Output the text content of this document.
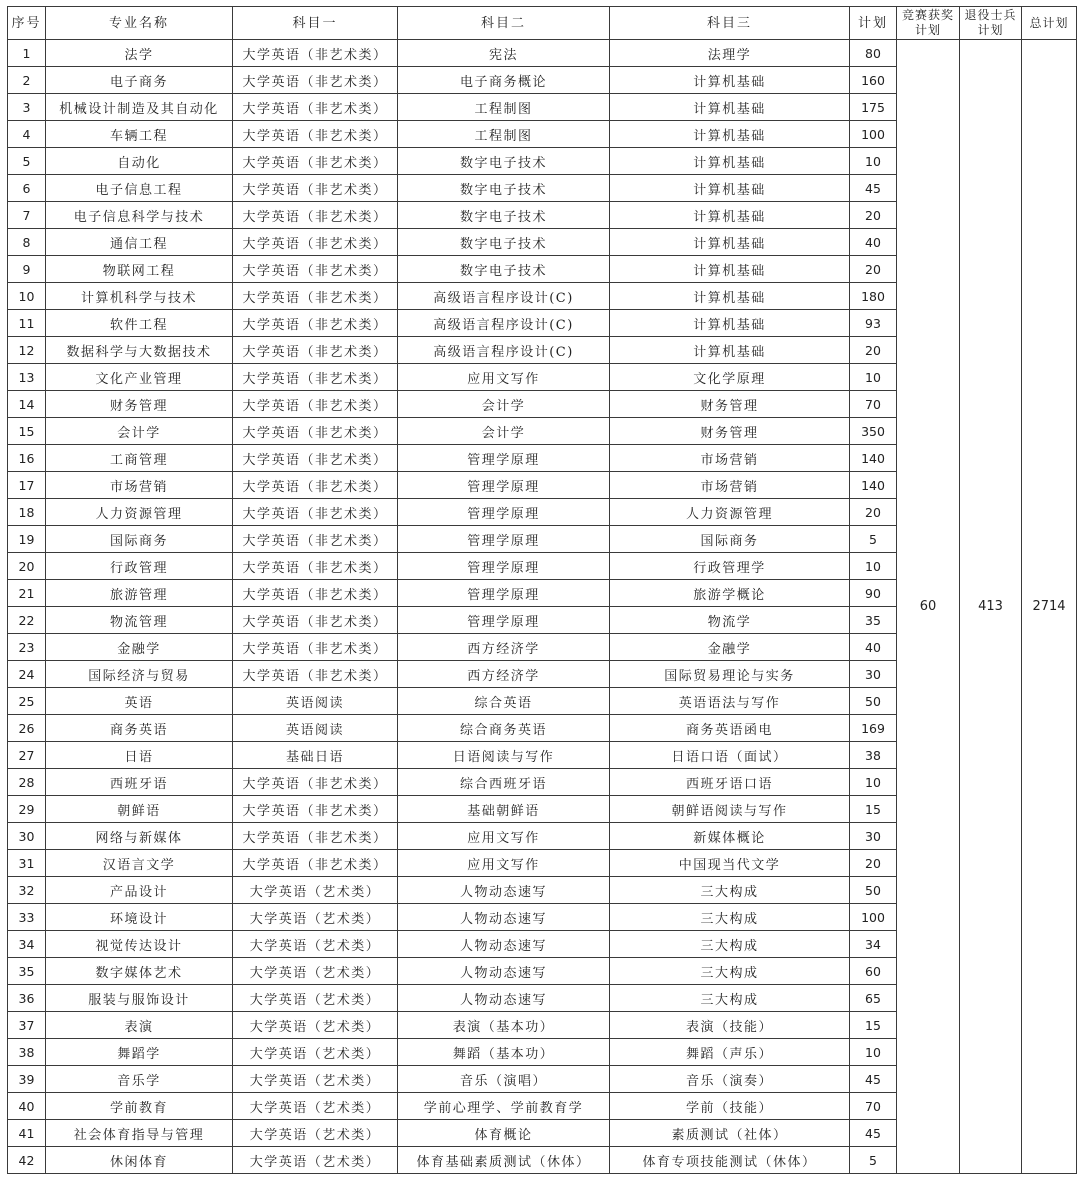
序号	专业名称	科目一	科目二	科目三	计划	竞赛获奖计划	退役士兵计划	总计划
1	法学	大学英语（非艺术类）	宪法	法理学	80	60	413	2714
2	电子商务	大学英语（非艺术类）	电子商务概论	计算机基础	160			
3	机械设计制造及其自动化	大学英语（非艺术类）	工程制图	计算机基础	175			
4	车辆工程	大学英语（非艺术类）	工程制图	计算机基础	100			
5	自动化	大学英语（非艺术类）	数字电子技术	计算机基础	10			
6	电子信息工程	大学英语（非艺术类）	数字电子技术	计算机基础	45			
7	电子信息科学与技术	大学英语（非艺术类）	数字电子技术	计算机基础	20			
8	通信工程	大学英语（非艺术类）	数字电子技术	计算机基础	40			
9	物联网工程	大学英语（非艺术类）	数字电子技术	计算机基础	20			
10	计算机科学与技术	大学英语（非艺术类）	高级语言程序设计(C)	计算机基础	180			
11	软件工程	大学英语（非艺术类）	高级语言程序设计(C)	计算机基础	93			
12	数据科学与大数据技术	大学英语（非艺术类）	高级语言程序设计(C)	计算机基础	20			
13	文化产业管理	大学英语（非艺术类）	应用文写作	文化学原理	10			
14	财务管理	大学英语（非艺术类）	会计学	财务管理	70			
15	会计学	大学英语（非艺术类）	会计学	财务管理	350			
16	工商管理	大学英语（非艺术类）	管理学原理	市场营销	140			
17	市场营销	大学英语（非艺术类）	管理学原理	市场营销	140			
18	人力资源管理	大学英语（非艺术类）	管理学原理	人力资源管理	20			
19	国际商务	大学英语（非艺术类）	管理学原理	国际商务	5			
20	行政管理	大学英语（非艺术类）	管理学原理	行政管理学	10			
21	旅游管理	大学英语（非艺术类）	管理学原理	旅游学概论	90			
22	物流管理	大学英语（非艺术类）	管理学原理	物流学	35			
23	金融学	大学英语（非艺术类）	西方经济学	金融学	40			
24	国际经济与贸易	大学英语（非艺术类）	西方经济学	国际贸易理论与实务	30			
25	英语	英语阅读	综合英语	英语语法与写作	50			
26	商务英语	英语阅读	综合商务英语	商务英语函电	169			
27	日语	基础日语	日语阅读与写作	日语口语（面试）	38			
28	西班牙语	大学英语（非艺术类）	综合西班牙语	西班牙语口语	10			
29	朝鲜语	大学英语（非艺术类）	基础朝鲜语	朝鲜语阅读与写作	15			
30	网络与新媒体	大学英语（非艺术类）	应用文写作	新媒体概论	30			
31	汉语言文学	大学英语（非艺术类）	应用文写作	中国现当代文学	20			
32	产品设计	大学英语（艺术类）	人物动态速写	三大构成	50			
33	环境设计	大学英语（艺术类）	人物动态速写	三大构成	100			
34	视觉传达设计	大学英语（艺术类）	人物动态速写	三大构成	34			
35	数字媒体艺术	大学英语（艺术类）	人物动态速写	三大构成	60			
36	服装与服饰设计	大学英语（艺术类）	人物动态速写	三大构成	65			
37	表演	大学英语（艺术类）	表演（基本功）	表演（技能）	15			
38	舞蹈学	大学英语（艺术类）	舞蹈（基本功）	舞蹈（声乐）	10			
39	音乐学	大学英语（艺术类）	音乐（演唱）	音乐（演奏）	45			
40	学前教育	大学英语（艺术类）	学前心理学、学前教育学	学前（技能）	70			
41	社会体育指导与管理	大学英语（艺术类）	体育概论	素质测试（社体）	45			
42	休闲体育	大学英语（艺术类）	体育基础素质测试（休体）	体育专项技能测试（休体）	5			
